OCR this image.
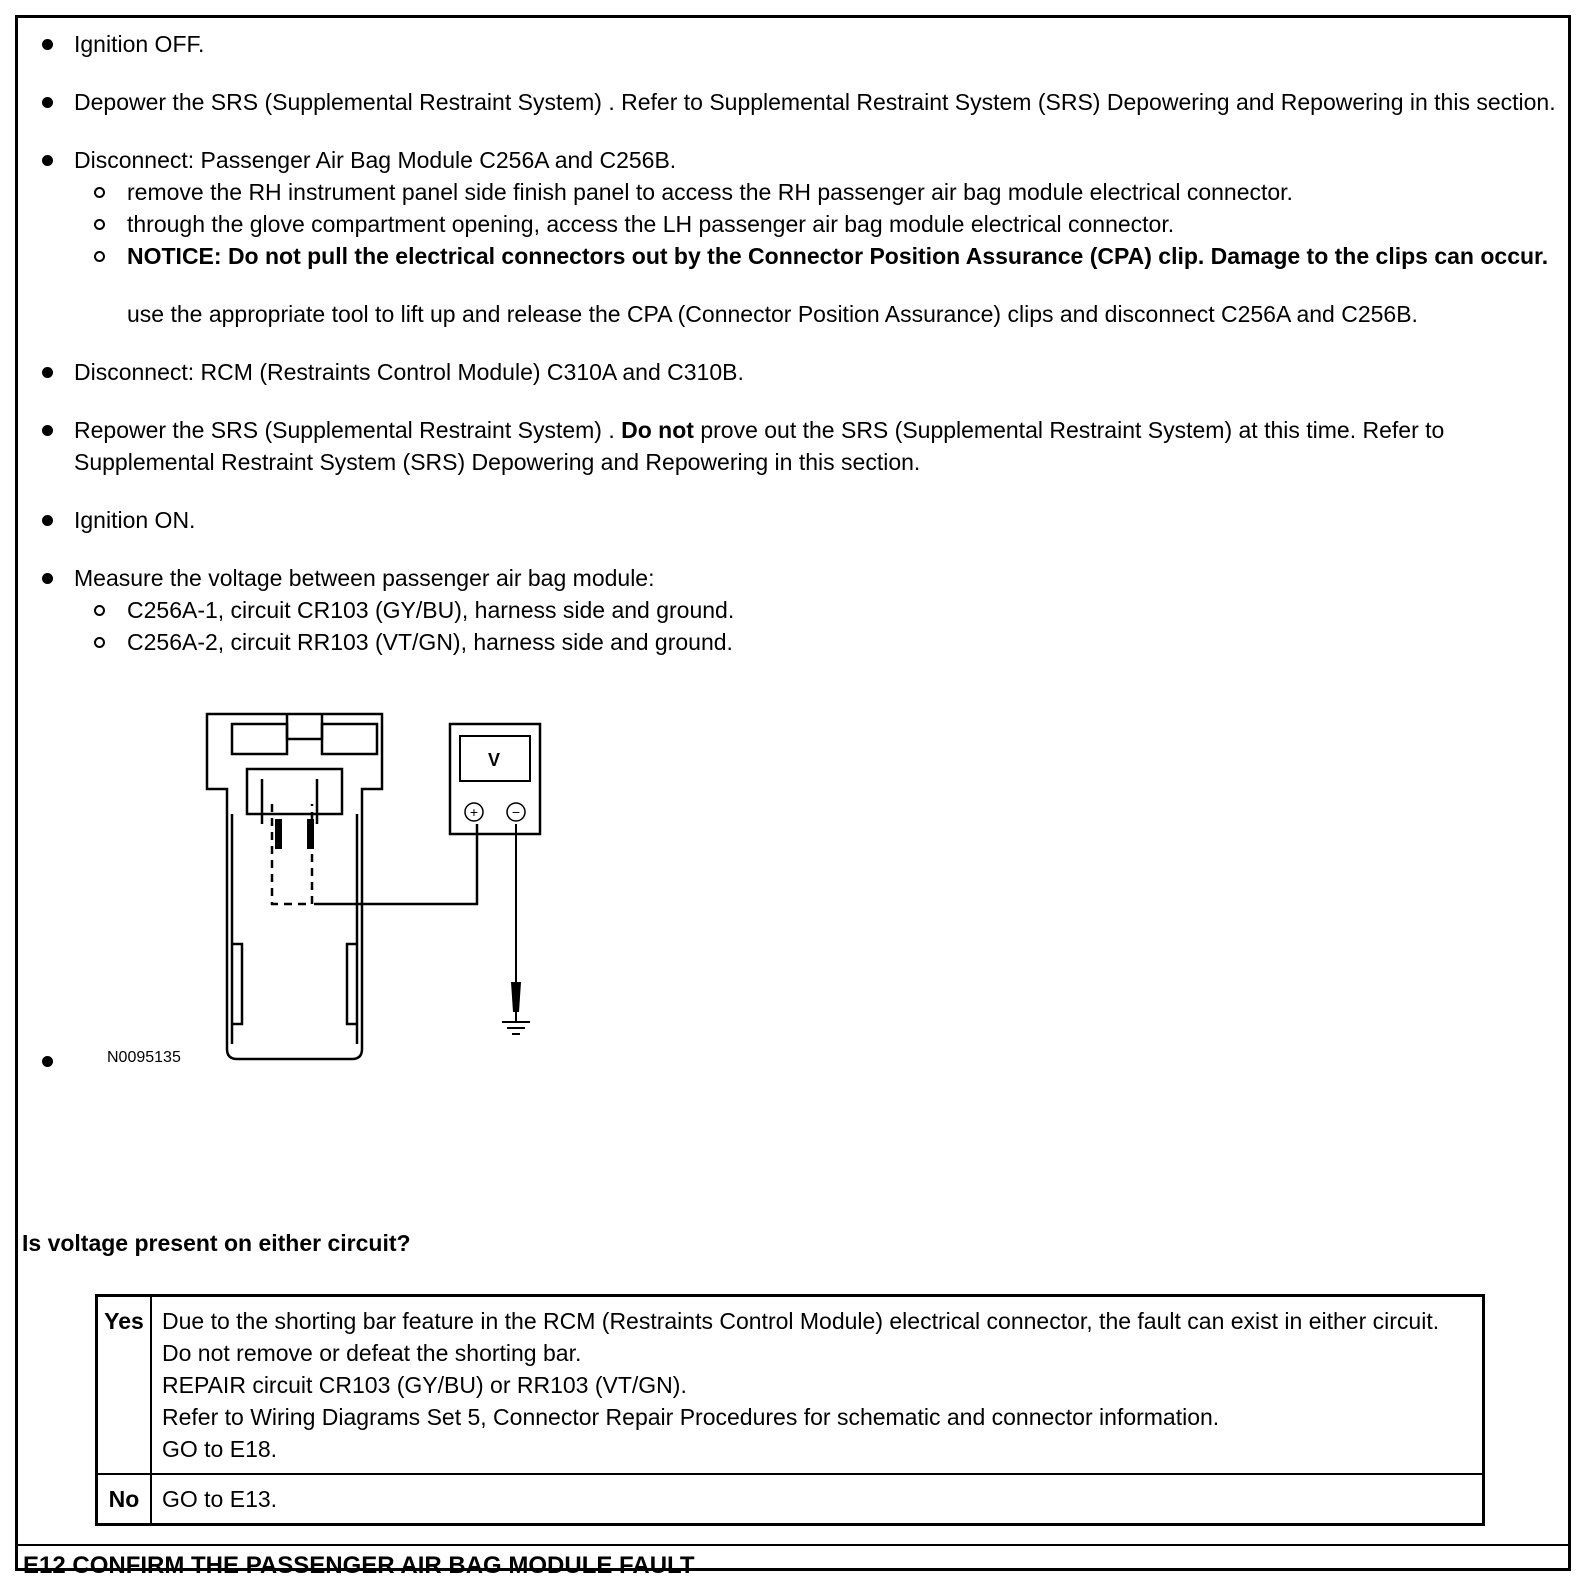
Ignition OFF.
Depower the SRS (Supplemental Restraint System) . Refer to Supplemental Restraint System (SRS) Depowering and Repowering in this section.
Disconnect: Passenger Air Bag Module C256A and C256B.
remove the RH instrument panel side finish panel to access the RH passenger air bag module electrical connector.
through the glove compartment opening, access the LH passenger air bag module electrical connector.
NOTICE: Do not pull the electrical connectors out by the Connector Position Assurance (CPA) clip. Damage to the clips can occur.
use the appropriate tool to lift up and release the CPA (Connector Position Assurance) clips and disconnect C256A and C256B.
Disconnect: RCM (Restraints Control Module) C310A and C310B.
Repower the SRS (Supplemental Restraint System) . Do not prove out the SRS (Supplemental Restraint System) at this time. Refer to Supplemental Restraint System (SRS) Depowering and Repowering in this section.
Ignition ON.
Measure the voltage between passenger air bag module:
C256A-1, circuit CR103 (GY/BU), harness side and ground.
C256A-2, circuit RR103 (VT/GN), harness side and ground.
V
+ −
N0095135
Is voltage present on either circuit?
Yes	Due to the shorting bar feature in the RCM (Restraints Control Module) electrical connector, the fault can exist in either circuit. Do not remove or defeat the shorting bar.
REPAIR circuit CR103 (GY/BU) or RR103 (VT/GN).
Refer to Wiring Diagrams Set 5, Connector Repair Procedures for schematic and connector information.
GO to E18.

No	GO to E13.
E12 CONFIRM THE PASSENGER AIR BAG MODULE FAULT
